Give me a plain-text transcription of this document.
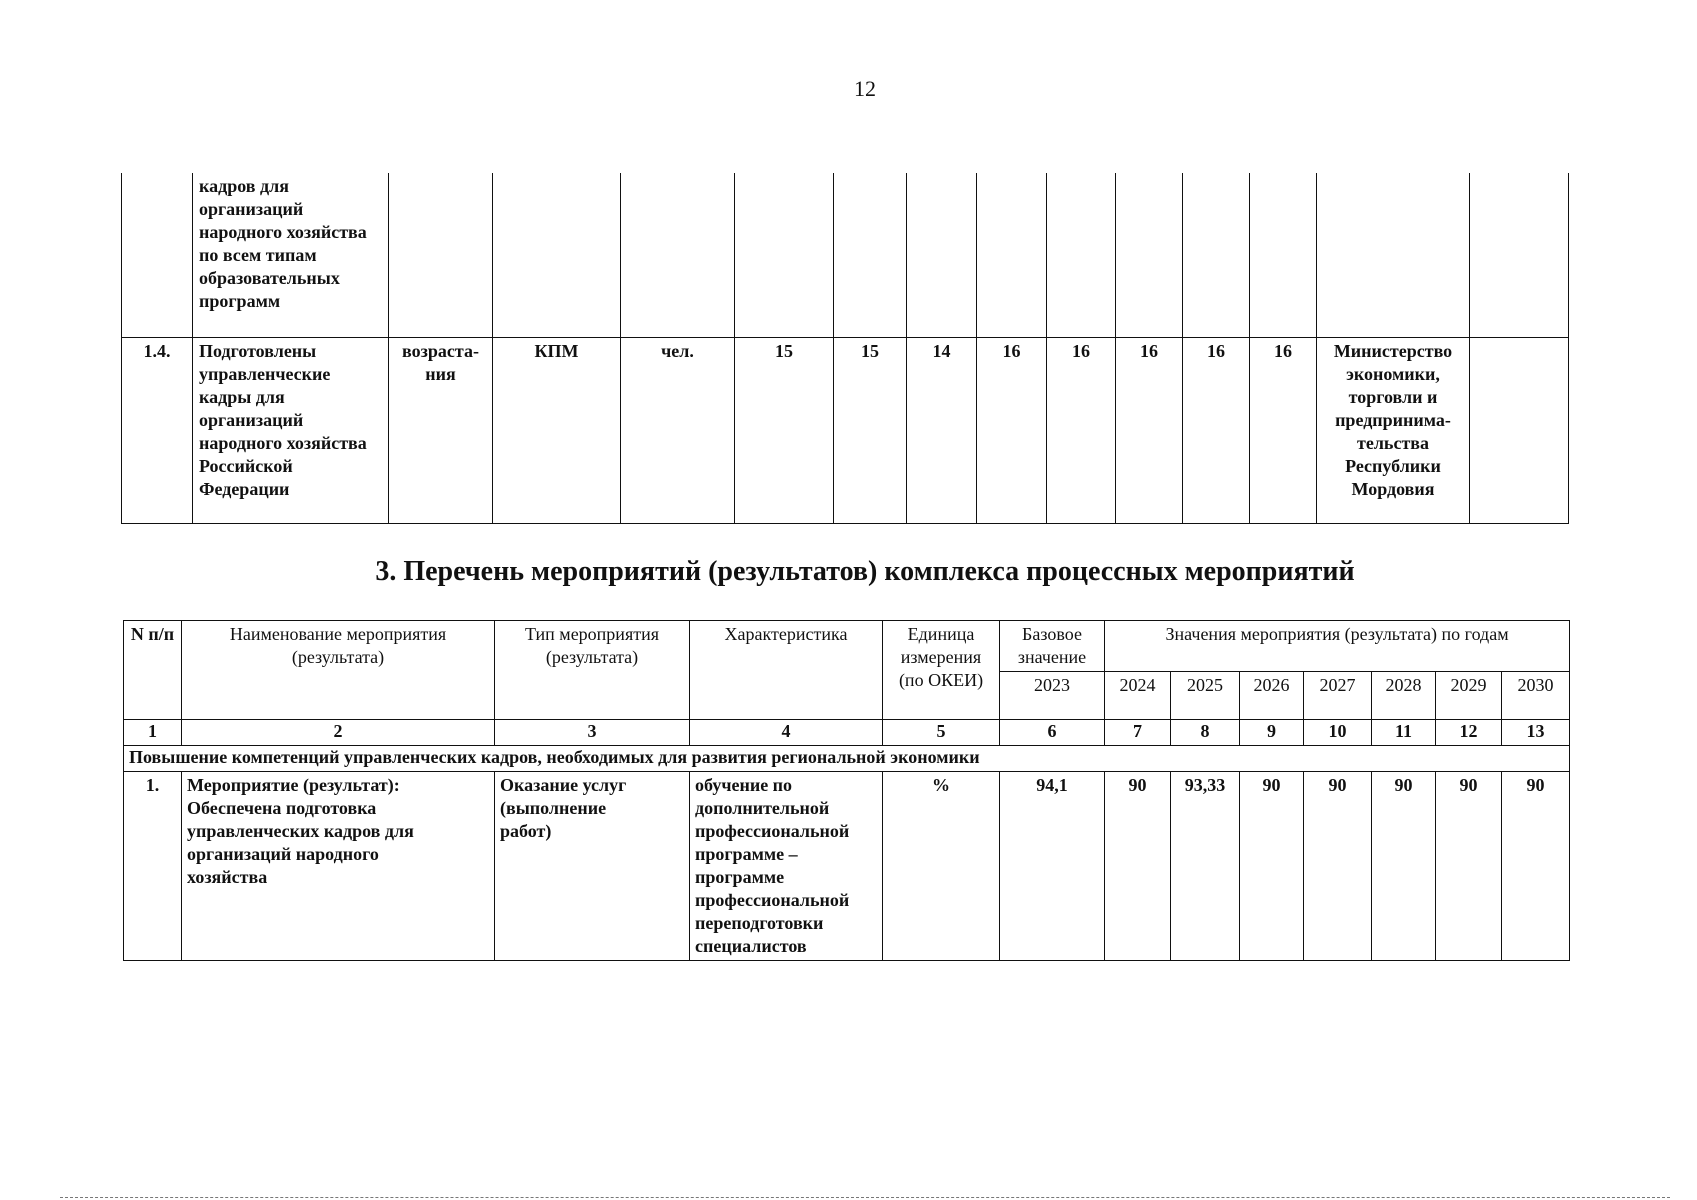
12
	кадров для организаций народного хозяйства по всем типам образовательных программ													
1.4.	Подготовлены управленческие кадры для организаций народного хозяйства Российской Федерации	возраста-ния	КПМ	чел.	15	15	14	16	16	16	16	16	Министерство экономики, торговли и предпринима-тельства Республики Мордовия	
3. Перечень мероприятий (результатов) комплекса процессных мероприятий
N п/п	Наименование мероприятия (результата)	Тип мероприятия (результата)	Характеристика	Единица измерения (по ОКЕИ)	Базовое значение	Значения мероприятия (результата) по годам						
					2023	2024	2025	2026	2027	2028	2029	2030
1	2	3	4	5	6	7	8	9	10	11	12	13
Повышение компетенций управленческих кадров, необходимых для развития региональной экономики												
1.	Мероприятие (результат): Обеспечена подготовка управленческих кадров для организаций народного хозяйства	Оказание услуг (выполнение работ)	обучение по дополнительной профессиональной программе – программе профессиональной переподготовки специалистов	%	94,1	90	93,33	90	90	90	90	90
